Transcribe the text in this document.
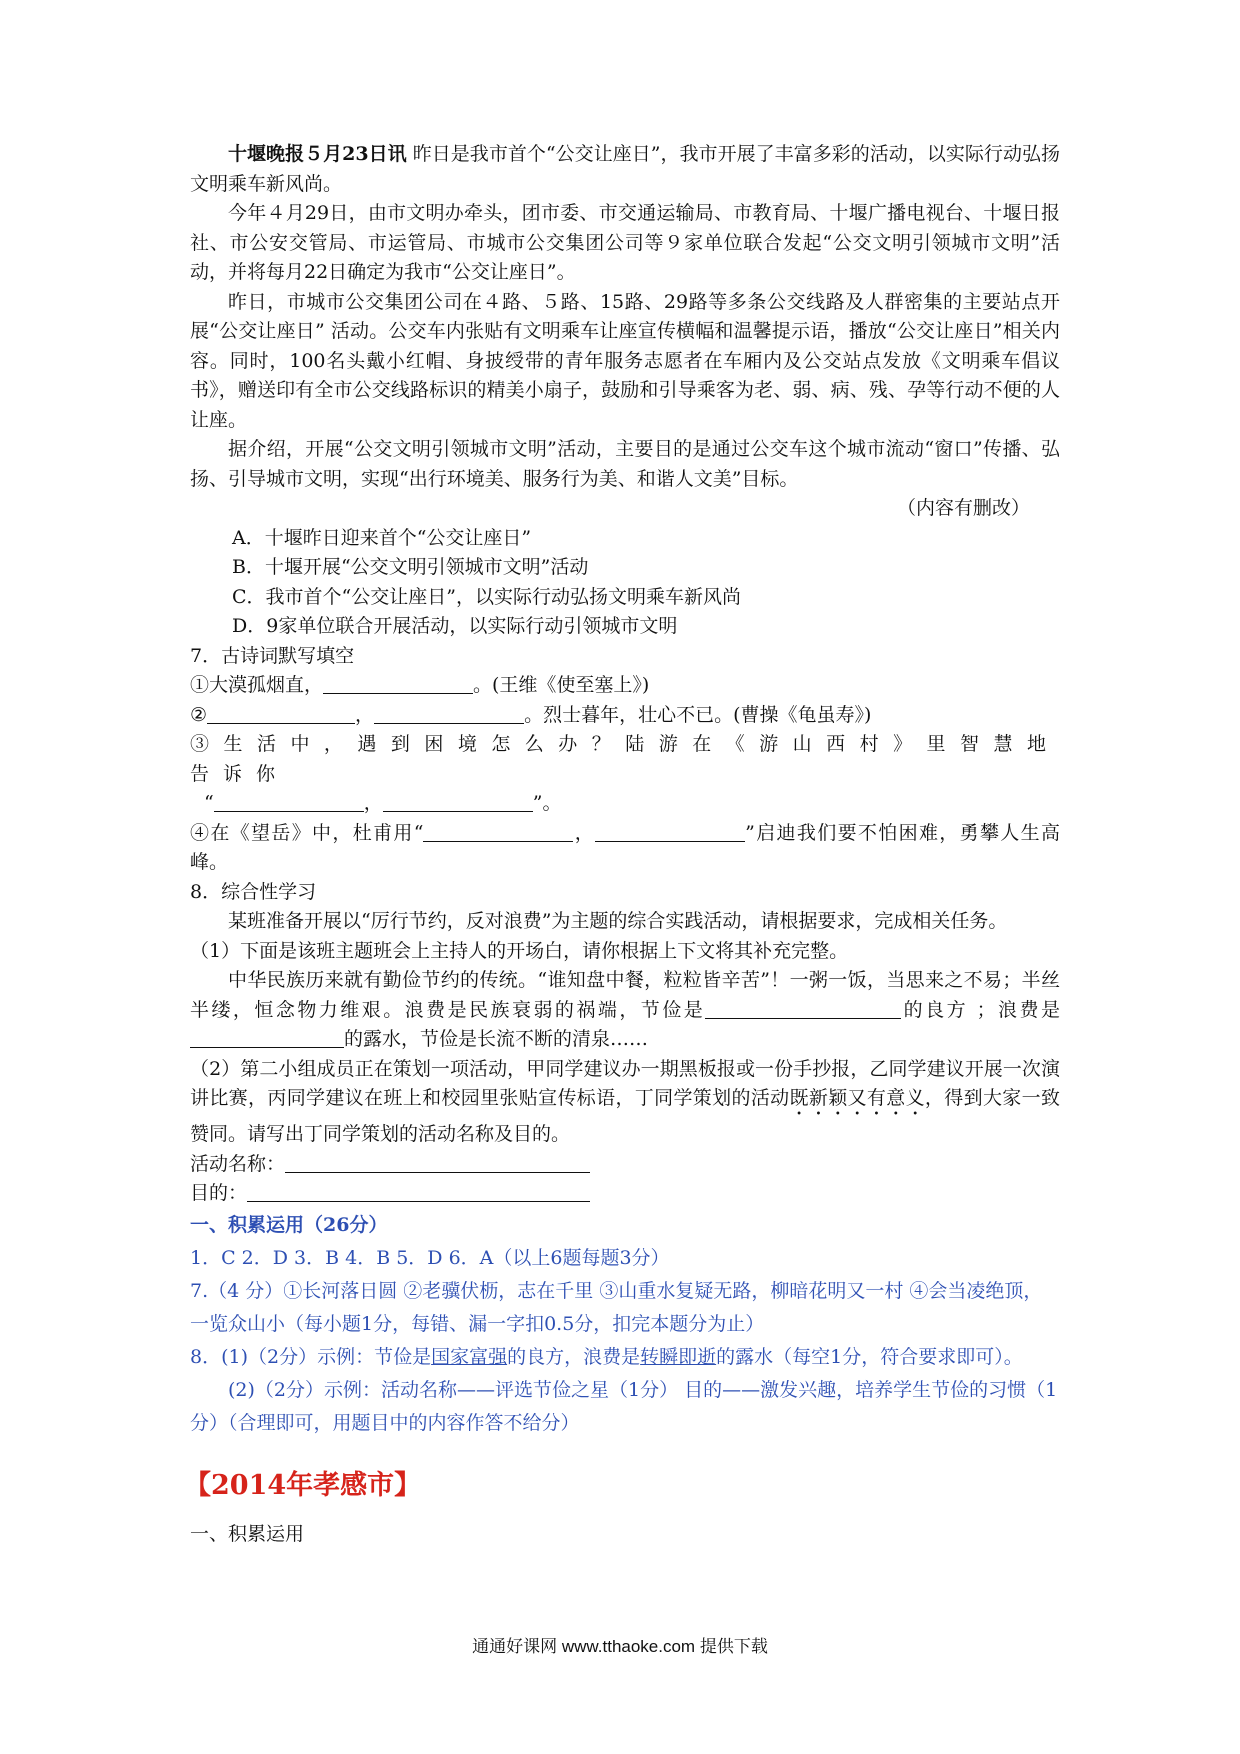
十堰晚报５月23日讯 昨日是我市首个“公交让座日”，我市开展了丰富多彩的活动，以实际行动弘扬文明乘车新风尚。

今年４月29日，由市文明办牵头，团市委、市交通运输局、市教育局、十堰广播电视台、十堰日报社、市公安交管局、市运管局、市城市公交集团公司等９家单位联合发起“公交文明引领城市文明”活动，并将每月22日确定为我市“公交让座日”。

昨日，市城市公交集团公司在４路、５路、15路、29路等多条公交线路及人群密集的主要站点开展“公交让座日” 活动。公交车内张贴有文明乘车让座宣传横幅和温馨提示语，播放“公交让座日”相关内容。同时，100名头戴小红帽、身披绶带的青年服务志愿者在车厢内及公交站点发放《文明乘车倡议书》，赠送印有全市公交线路标识的精美小扇子，鼓励和引导乘客为老、弱、病、残、孕等行动不便的人让座。

据介绍，开展“公交文明引领城市文明”活动，主要目的是通过公交车这个城市流动“窗口”传播、弘扬、引导城市文明，实现“出行环境美、服务行为美、和谐人文美”目标。

（内容有删改）

A．十堰昨日迎来首个“公交让座日”

B．十堰开展“公交文明引领城市文明”活动

C．我市首个“公交让座日”，以实际行动弘扬文明乘车新风尚

D．9家单位联合开展活动，以实际行动引领城市文明

7．古诗词默写填空

①大漠孤烟直，	。(王维《使至塞上》)

②	，	。烈士暮年，壮心不已。(曹操《龟虽寿》)

③生活中，遇到困境怎么办？陆游在《游山西村》里智慧地告诉你
“	，	”。

④在《望岳》中，杜甫用“	，	”启迪我们要不怕困难，勇攀人生高峰。

8．综合性学习

某班准备开展以“厉行节约，反对浪费”为主题的综合实践活动，请根据要求，完成相关任务。

（1）下面是该班主题班会上主持人的开场白，请你根据上下文将其补充完整。

中华民族历来就有勤俭节约的传统。“谁知盘中餐，粒粒皆辛苦”！一粥一饭，当思来之不易；半丝半缕，恒念物力维艰。浪费是民族衰弱的祸端，节俭是	的良方 ；浪费是的露水，节俭是长流不断的清泉……

（2）第二小组成员正在策划一项活动，甲同学建议办一期黑板报或一份手抄报，乙同学建议开展一次演讲比赛，丙同学建议在班上和校园里张贴宣传标语，丁同学策划的活动既新颖又有意义，得到大家一致赞同。请写出丁同学策划的活动名称及目的。

活动名称：

目的：

一、积累运用（26分）

1．C 2．D 3．B 4．B 5．D 6．A（以上6题每题3分）

7.（4 分）①长河落日圆 ②老骥伏枥，志在千里 ③山重水复疑无路，柳暗花明又一村 ④会当凌绝顶，一览众山小（每小题1分，每错、漏一字扣0.5分，扣完本题分为止）

8．(1)（2分）示例：节俭是国家富强的良方，浪费是转瞬即逝的露水（每空1分，符合要求即可）。

(2)（2分）示例：活动名称——评选节俭之星（1分） 目的——激发兴趣，培养学生节俭的习惯（1分）（合理即可，用题目中的内容作答不给分）

【2014年孝感市】

一、积累运用

通通好课网 www.tthaoke.com 提供下载
